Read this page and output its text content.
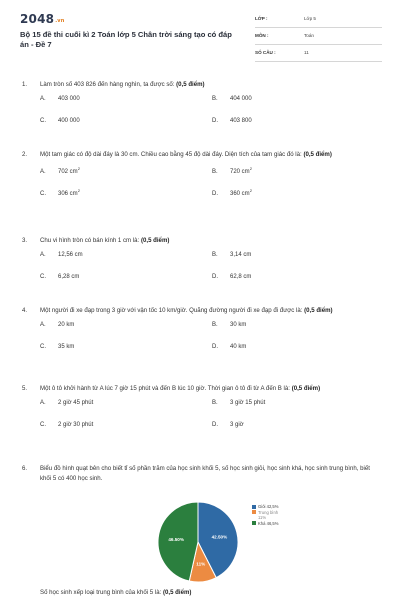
$2048^{.vn}$
Bộ 15 đề thi cuối kì 2 Toán lớp 5 Chân trời sáng tạo có đáp án - Đề 7
LỚP :	Lớp 5
MÔN :	Toán
SỐ CÂU :	11
1. Làm tròn số 403 826 đến hàng nghìn, ta được số: (0,5 điểm)
A. 403 000	B. 404 000
C. 400 000	D. 403 800
2. Một tam giác có độ dài đáy là 30 cm. Chiều cao bằng 45 độ dài đáy. Diện tích của tam giác đó là: (0,5 điểm)
A. 702 $cm^2$
B. 720 $cm^2$
C. 306 $cm^2$
D. 360 $cm^2$
3. Chu vi hình tròn có bán kính 1 cm là: (0,5 điểm)
A. 12,56 cm	B. 3,14 cm
C. 6,28 cm	D. 62,8 cm
4. Một người đi xe đạp trong 3 giờ với vận tốc 10 km/giờ. Quãng đường người đi xe đạp đi được là: (0,5 điểm)
A. 20 km	B. 30 km
C. 35 km	D. 40 km
5. Một ô tô khởi hành từ A lúc 7 giờ 15 phút và đến B lúc 10 giờ. Thời gian ô tô đi từ A đến B là: (0,5 điểm)
A. 2 giờ 45 phút	B. 3 giờ 15 phút
C. 2 giờ 30 phút	D. 3 giờ
6. Biểu đồ hình quạt bên cho biết tỉ số phần trăm của học sinh khối 5, số học sinh giỏi, học sinh khá, học sinh trung bình, biết khối 5 có 400 học sinh.
42.50%
11%
46.50%
Giỏi 42,5%
Trung bình 11%
Khá 46,5%
Số học sinh xếp loại trung bình của khối 5 là: (0,5 điểm)
